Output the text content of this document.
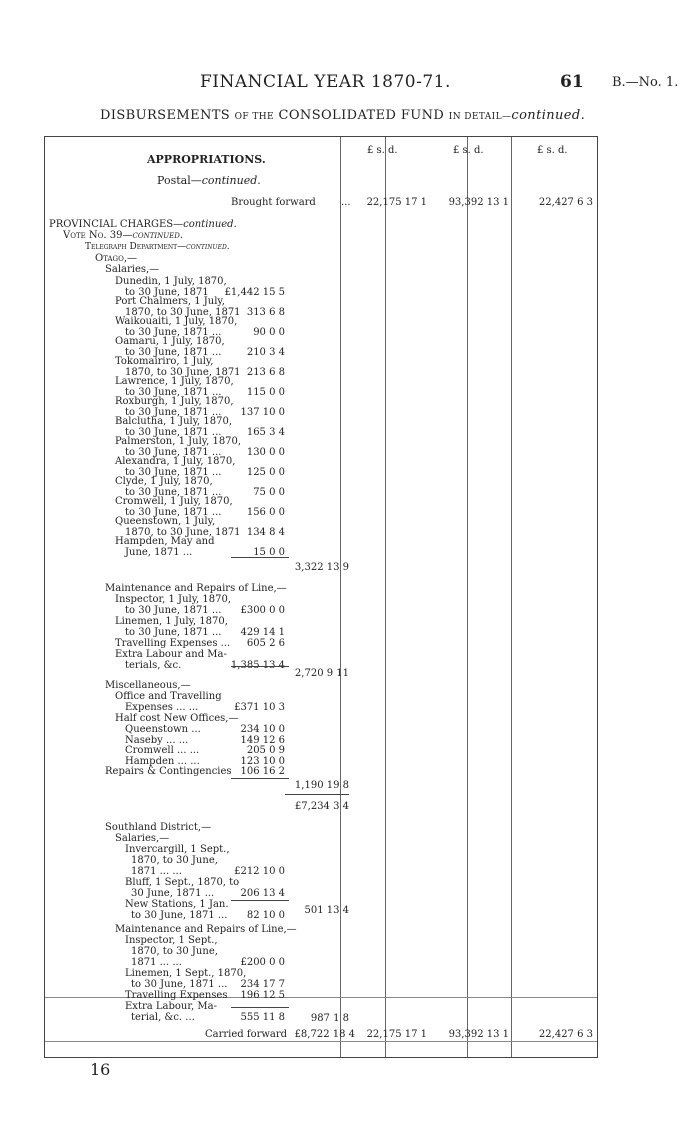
FINANCIAL YEAR 1870-71.	61 B.—No. 1.
DISBURSEMENTS OF THE CONSOLIDATED FUND IN DETAIL—continued.
£ s. d.	£ s. d.	£ s. d.
APPROPRIATIONS.
Postal—continued.
Brought forward	...	22,175 17 1	93,392 13 1	22,427 6 3
PROVINCIAL CHARGES—continued.
Vote No. 39—continued.
Telegraph Department—continued.
Otago,—
Salaries,—
Dunedin, 1 July, 1870,
to 30 June, 1871	£1,442 15 5
Port Chalmers, 1 July,
1870, to 30 June, 1871 313 6 8
Waikouaiti, 1 July, 1870,
to 30 June, 1871 ...	90 0 0
Oamaru, 1 July, 1870,
to 30 June, 1871 ...	210 3 4
Tokomairiro, 1 July,
1870, to 30 June, 1871 213 6 8
Lawrence, 1 July, 1870,
to 30 June, 1871 ...	115 0 0
Roxburgh, 1 July, 1870,
to 30 June, 1871 ...	137 10 0
Balclutha, 1 July, 1870,
to 30 June, 1871 ...	165 3 4
Palmerston, 1 July, 1870,
to 30 June, 1871 ...	130 0 0
Alexandra, 1 July, 1870,
to 30 June, 1871 ...	125 0 0
Clyde, 1 July, 1870,
to 30 June, 1871 ...	75 0 0
Cromwell, 1 July, 1870,
to 30 June, 1871 ...	156 0 0
Queenstown, 1 July,
1870, to 30 June, 1871 134 8 4
Hampden, May and
June, 1871 ...	15 0 0
3,322 13 9
Maintenance and Repairs of Line,—
Inspector, 1 July, 1870,
to 30 June, 1871 ...	£300 0 0
Linemen, 1 July, 1870,
to 30 June, 1871 ...	429 14 1
Travelling Expenses ...	605 2 6
Extra Labour and Ma-
terials, &c.	1,385 13 4
2,720 9 11
Miscellaneous,—
Office and Travelling
Expenses ... ...	£371 10 3
Half cost New Offices,—
Queenstown ...	234 10 0
Naseby ... ...	149 12 6
Cromwell ... ...	205 0 9
Hampden ... ...	123 10 0
Repairs & Contingencies 106 16 2
1,190 19 8
£7,234 3 4
Southland District,—
Salaries,—
Invercargill, 1 Sept.,
1870, to 30 June,
1871 ... ...	£212 10 0
Bluff, 1 Sept., 1870, to
30 June, 1871 ...	206 13 4
New Stations, 1 Jan.
to 30 June, 1871 ...	82 10 0	501 13 4
Maintenance and Repairs of Line,—
Inspector, 1 Sept.,
1870, to 30 June,
1871 ... ...	£200 0 0
Linemen, 1 Sept., 1870,
to 30 June, 1871 ...	234 17 7
Travelling Expenses	196 12 5
Extra Labour, Ma-
terial, &c. ...	555 11 8	987 1 8
Carried forward £8,722 18 4	22,175 17 1	93,392 13 1	22,427 6 3
16
